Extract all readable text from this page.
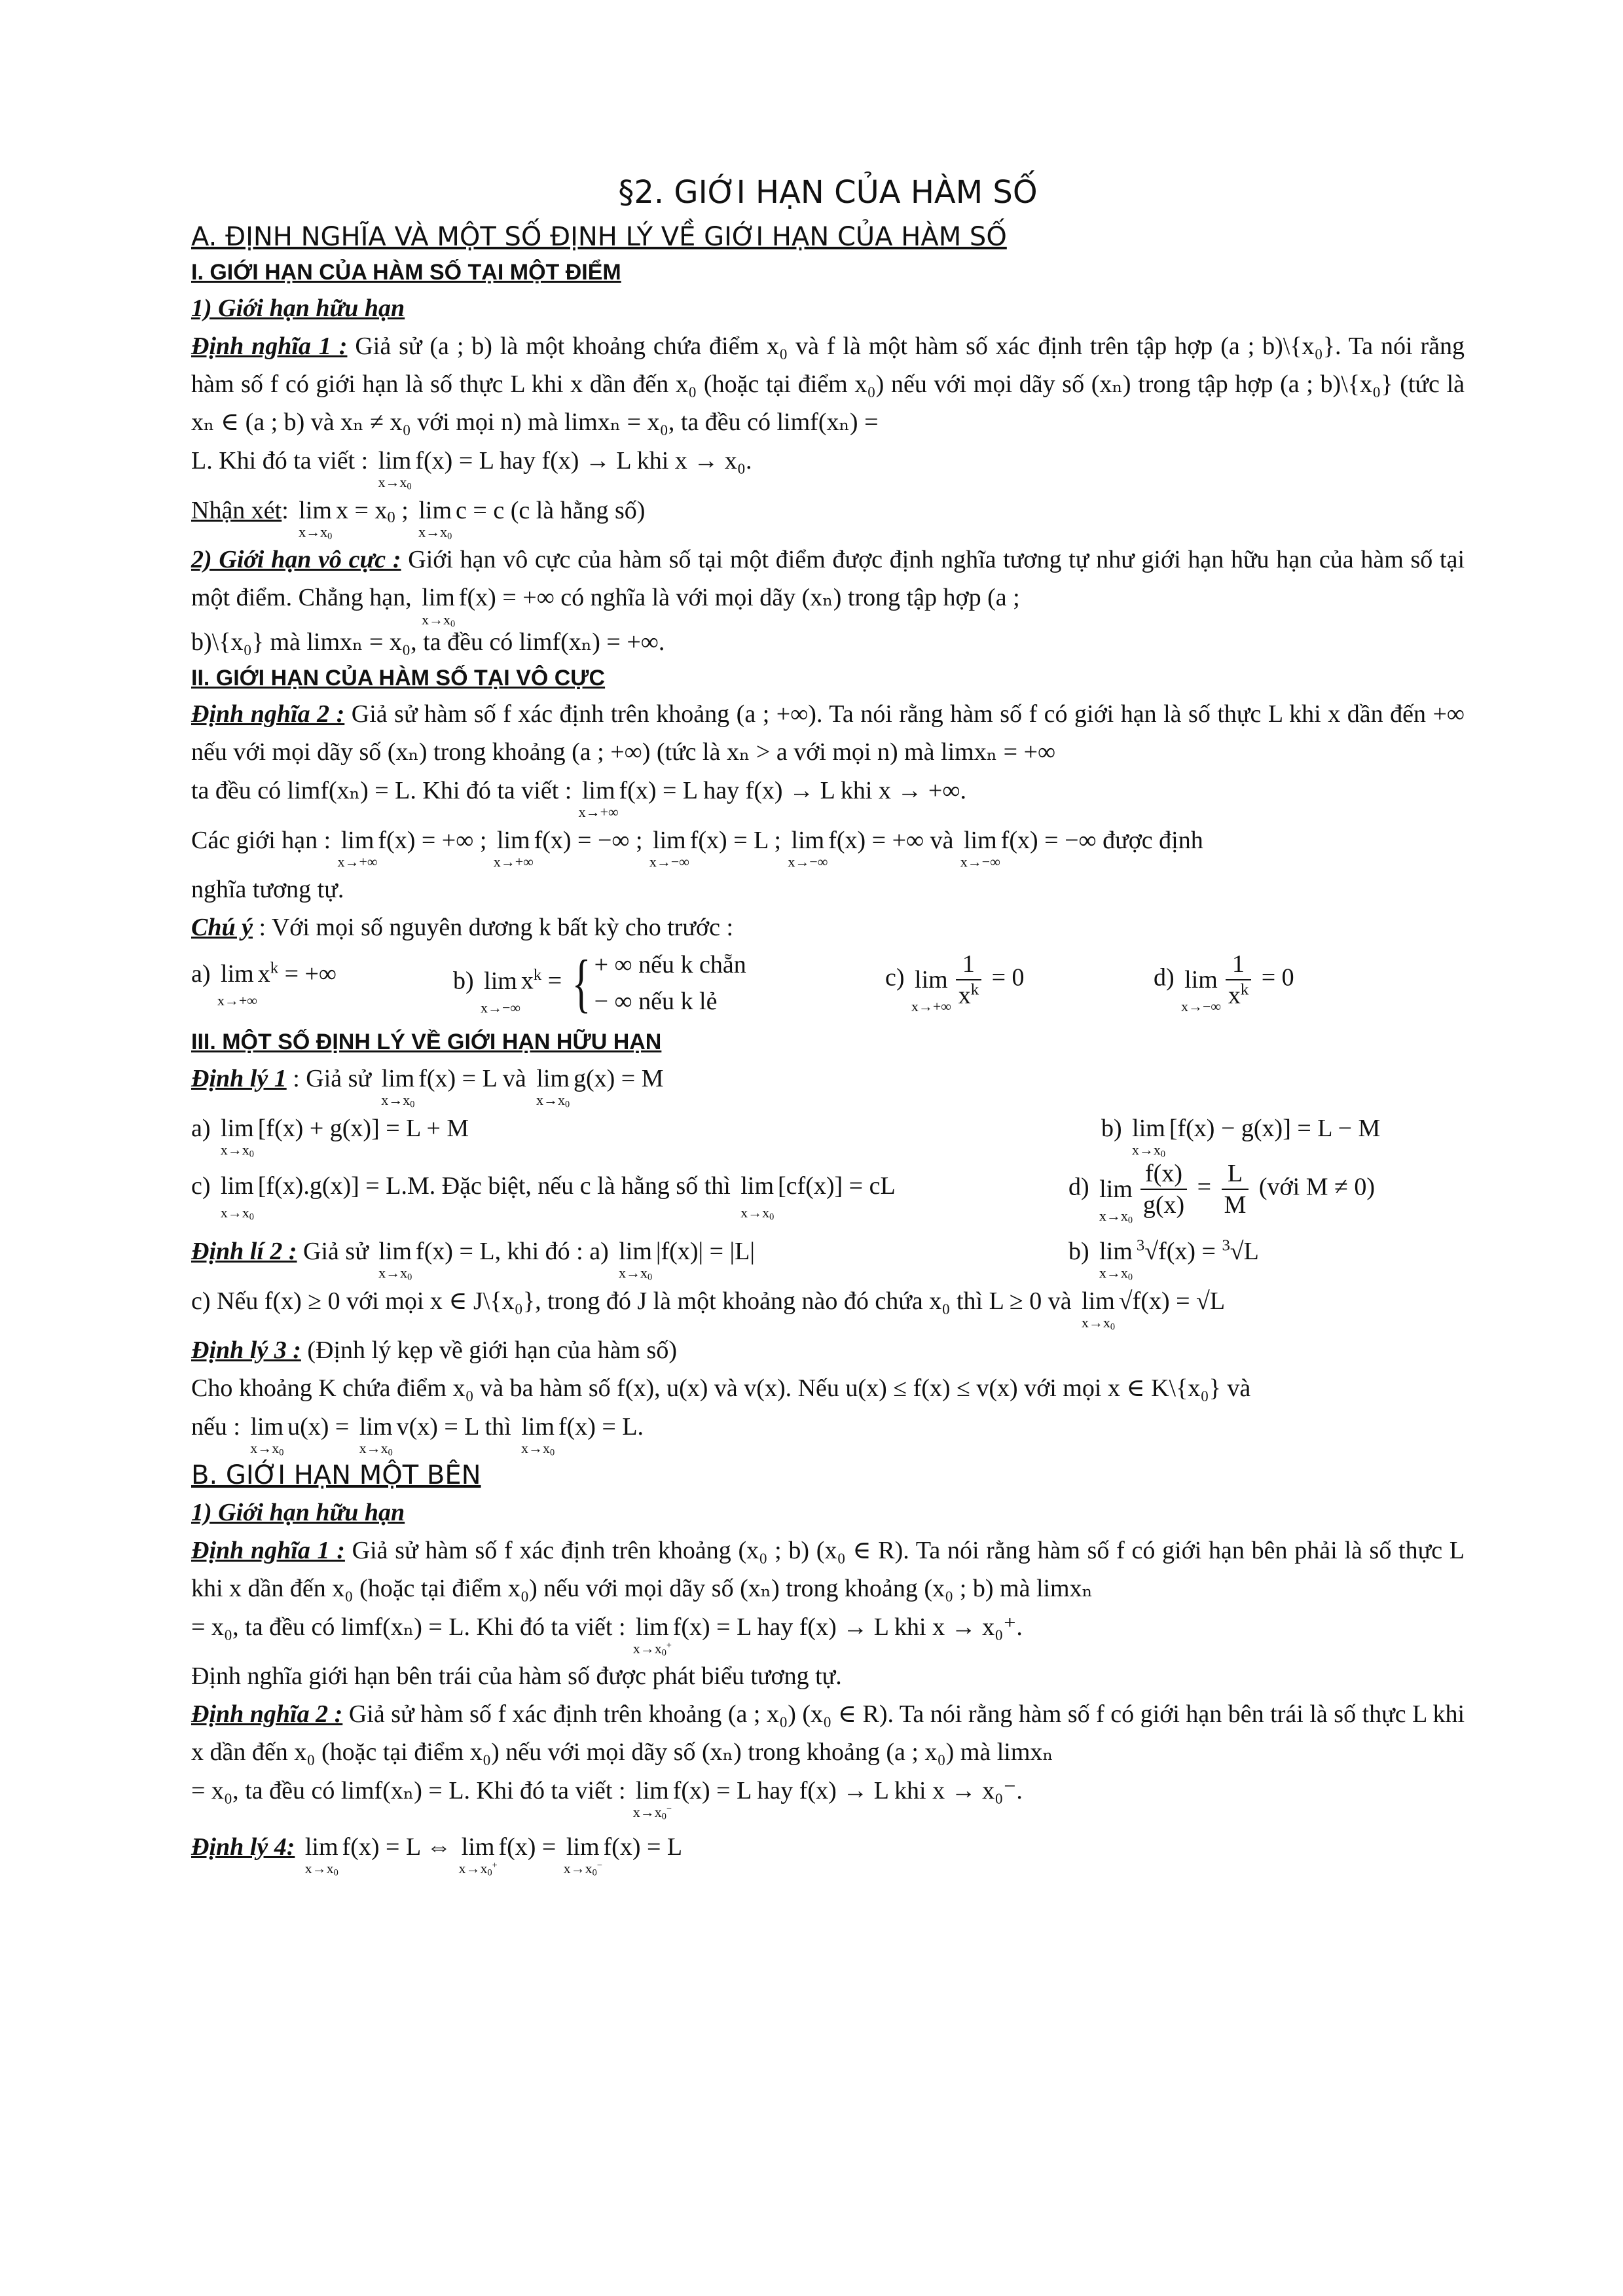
§2. GIỚI HẠN CỦA HÀM SỐ
A. ĐỊNH NGHĨA VÀ MỘT SỐ ĐỊNH LÝ VỀ GIỚI HẠN CỦA HÀM SỐ
I. GIỚI HẠN CỦA HÀM SỐ TẠI MỘT ĐIỂM
1) Giới hạn hữu hạn

Định nghĩa 1 : Giả sử (a ; b) là một khoảng chứa điểm x₀ và f là một hàm số xác định trên tập hợp (a ; b)\{x₀}. Ta nói rằng hàm số f có giới hạn là số thực L khi x dần đến x₀ (hoặc tại điểm x₀) nếu với mọi dãy số (xₙ) trong tập hợp (a ; b)\{x₀} (tức là xₙ ∈ (a ; b) và xₙ ≠ x₀ với mọi n) mà limxₙ = x₀, ta đều có limf(xₙ) =

L. Khi đó ta viết : lim
$x\to x_0$
f(x) = L hay f(x) → L khi x → x₀.
Nhận xét: lim
$x\to x_0$
$x = x_0$ ; lim
$x\to x_0$
c = c (c là hằng số)

2) Giới hạn vô cực : Giới hạn vô cực của hàm số tại một điểm được định nghĩa tương tự như giới hạn hữu hạn của hàm số tại một điểm. Chẳng hạn, lim
$x\to x_0$
f(x) = +∞ có nghĩa là với mọi dãy (xₙ) trong tập hợp (a ;

b)\{x₀} mà limxₙ = x₀, ta đều có limf(xₙ) = +∞.
II. GIỚI HẠN CỦA HÀM SỐ TẠI VÔ CỰC

Định nghĩa 2 : Giả sử hàm số f xác định trên khoảng (a ; +∞). Ta nói rằng hàm số f có giới hạn là số thực L khi x dần đến +∞ nếu với mọi dãy số (xₙ) trong khoảng (a ; +∞) (tức là xₙ > a với mọi n) mà limxₙ = +∞

ta đều có limf(xₙ) = L. Khi đó ta viết : lim
x→+∞
f(x) = L hay f(x) → L khi x → +∞.
Các giới hạn : lim
x→+∞
f(x) = +∞ ; lim
x→+∞
f(x) = −∞ ; lim
x→−∞
f(x) = L ; lim
x→−∞
f(x) = +∞ và lim
x→−∞
f(x) = −∞ được định
nghĩa tương tự.
Chú ý : Với mọi số nguyên dương k bất kỳ cho trước :
a) lim
x→+∞
$x^k$ = +∞	b) lim
x→−∞
$x^k$ = { + ∞ nếu k chẵn
− ∞ nếu k lẻ
c) lim
$x\to+\infty \frac{1}{x^k} = 0$	d) lim
$x\to-\infty \frac{1}{x^k} = 0$
III. MỘT SỐ ĐỊNH LÝ VỀ GIỚI HẠN HỮU HẠN
Định lý 1 : Giả sử lim
$x\to x_0$
f(x) = L và lim
$x\to x_0$
g(x) = M
a) lim
$x\to x_0$
[f(x) + g(x)] = L + M	b) lim
$x\to x_0$
[f(x) − g(x)] = L − M
c) lim
$x\to x_0$
[f(x).g(x)] = L.M. Đặc biệt, nếu c là hằng số thì lim
$x\to x_0$
[cf(x)] = cL	d) lim
$x\to x_0$
$\frac{f(x)}{g(x)} = \frac{L}{M}$ (với M ≠ 0)
Định lí 2 : Giả sử lim
$x\to x_0$
f(x) = L, khi đó : a) lim
$x\to x_0$
|f(x)| = |L|	b) lim
$x\to x_0$
$^3$√f(x) = $^3$√L
c) Nếu f(x) ≥ 0 với mọi x ∈ J\{x₀}, trong đó J là một khoảng nào đó chứa x₀ thì L ≥ 0 và lim
$x\to x_0$
√f(x) = √L
Định lý 3 : (Định lý kẹp về giới hạn của hàm số)

Cho khoảng K chứa điểm x₀ và ba hàm số f(x), u(x) và v(x). Nếu u(x) ≤ f(x) ≤ v(x) với mọi x ∈ K\{x₀} và

nếu : lim
$x\to x_0$
u(x) = lim
$x\to x_0$
v(x) = L thì lim
$x\to x_0$
f(x) = L.
B. GIỚI HẠN MỘT BÊN
1) Giới hạn hữu hạn

Định nghĩa 1 : Giả sử hàm số f xác định trên khoảng (x₀ ; b) (x₀ ∈ R). Ta nói rằng hàm số f có giới hạn bên phải là số thực L khi x dần đến x₀ (hoặc tại điểm x₀) nếu với mọi dãy số (xₙ) trong khoảng (x₀ ; b) mà limxₙ

= x₀, ta đều có limf(xₙ) = L. Khi đó ta viết : lim
$x\to x_0^+$
f(x) = L hay f(x) → L khi x → x₀⁺.
Định nghĩa giới hạn bên trái của hàm số được phát biểu tương tự.

Định nghĩa 2 : Giả sử hàm số f xác định trên khoảng (a ; x₀) (x₀ ∈ R). Ta nói rằng hàm số f có giới hạn bên trái là số thực L khi x dần đến x₀ (hoặc tại điểm x₀) nếu với mọi dãy số (xₙ) trong khoảng (a ; x₀) mà limxₙ

= x₀, ta đều có limf(xₙ) = L. Khi đó ta viết : lim
$x\to x_0^-$
f(x) = L hay f(x) → L khi x → x₀⁻.
Định lý 4: lim
$x\to x_0$
f(x) = L ⇔ lim
$x\to x_0^+$
f(x) = lim
$x\to x_0^-$
f(x) = L
